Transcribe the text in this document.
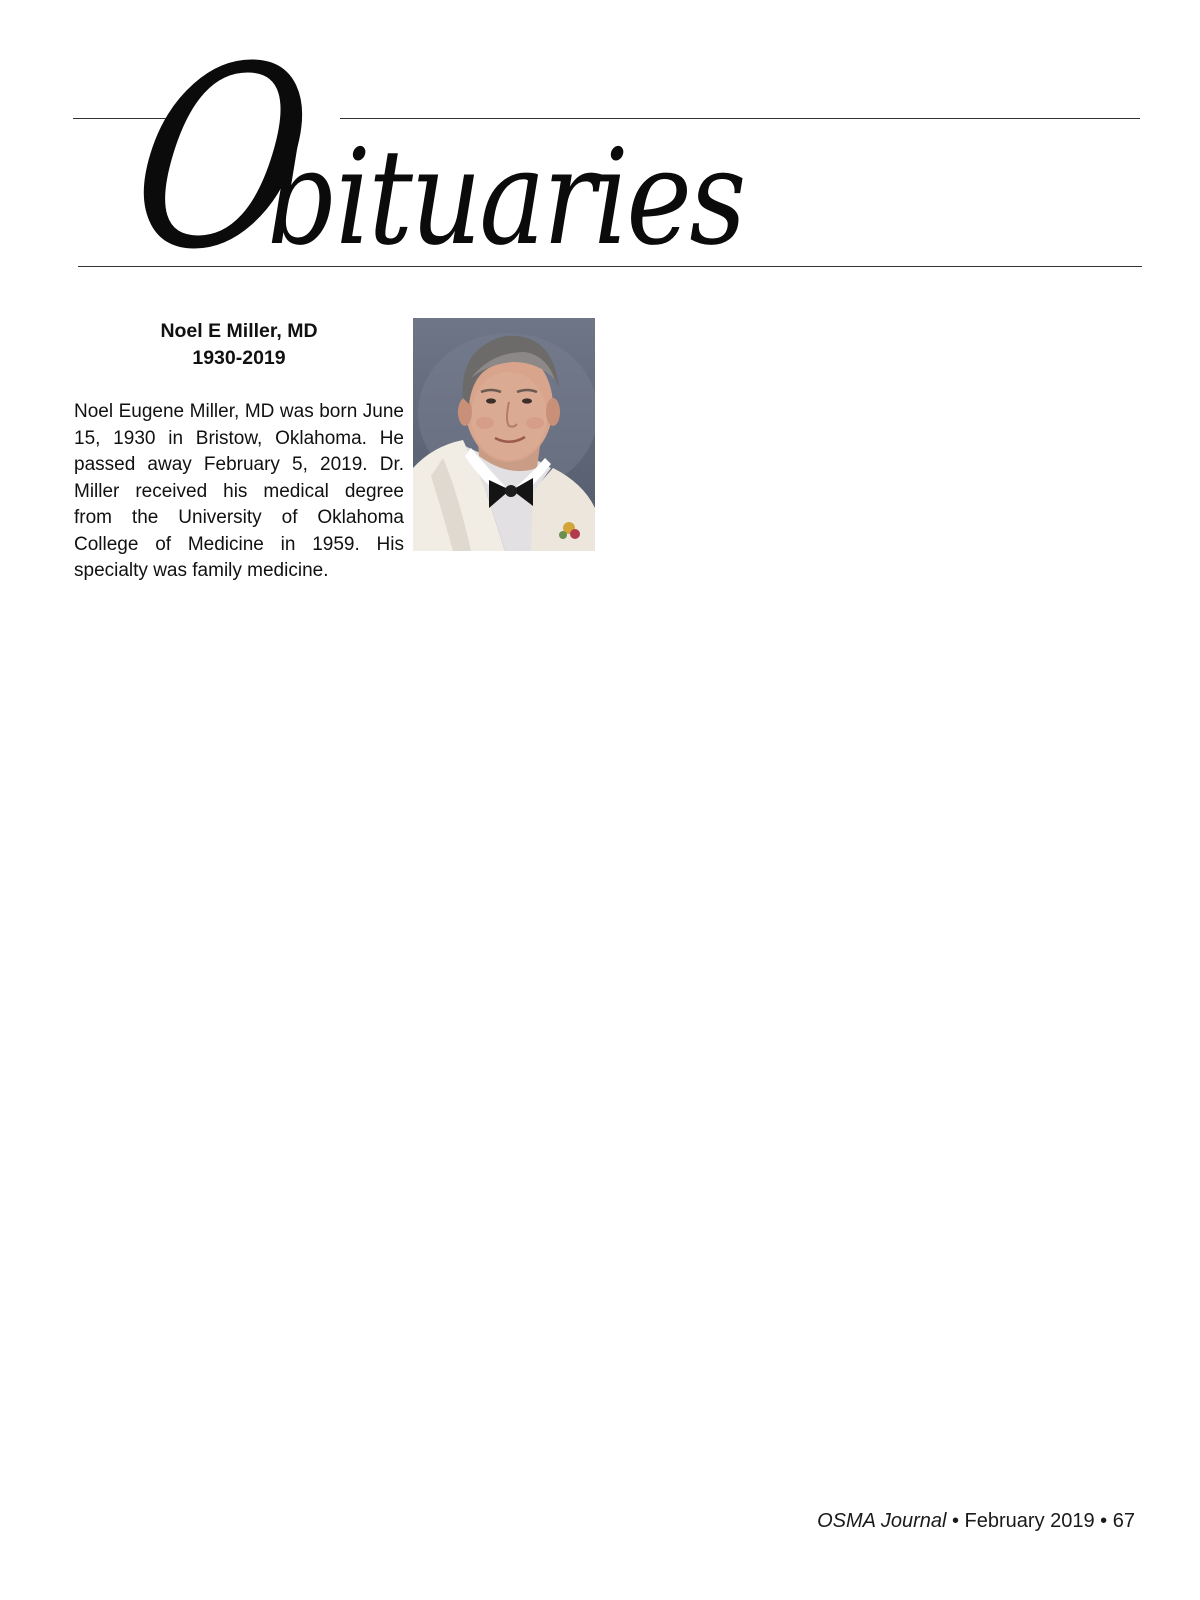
Obituaries

Noel E Miller, MD

1930-2019

Noel Eugene Miller, MD was born June 15, 1930 in Bristow, Oklahoma. He passed away February 5, 2019. Dr. Miller received his medical degree from the University of Oklahoma College of Medicine in 1959. His specialty was family medicine.

OSMA Journal • February 2019 • 67
